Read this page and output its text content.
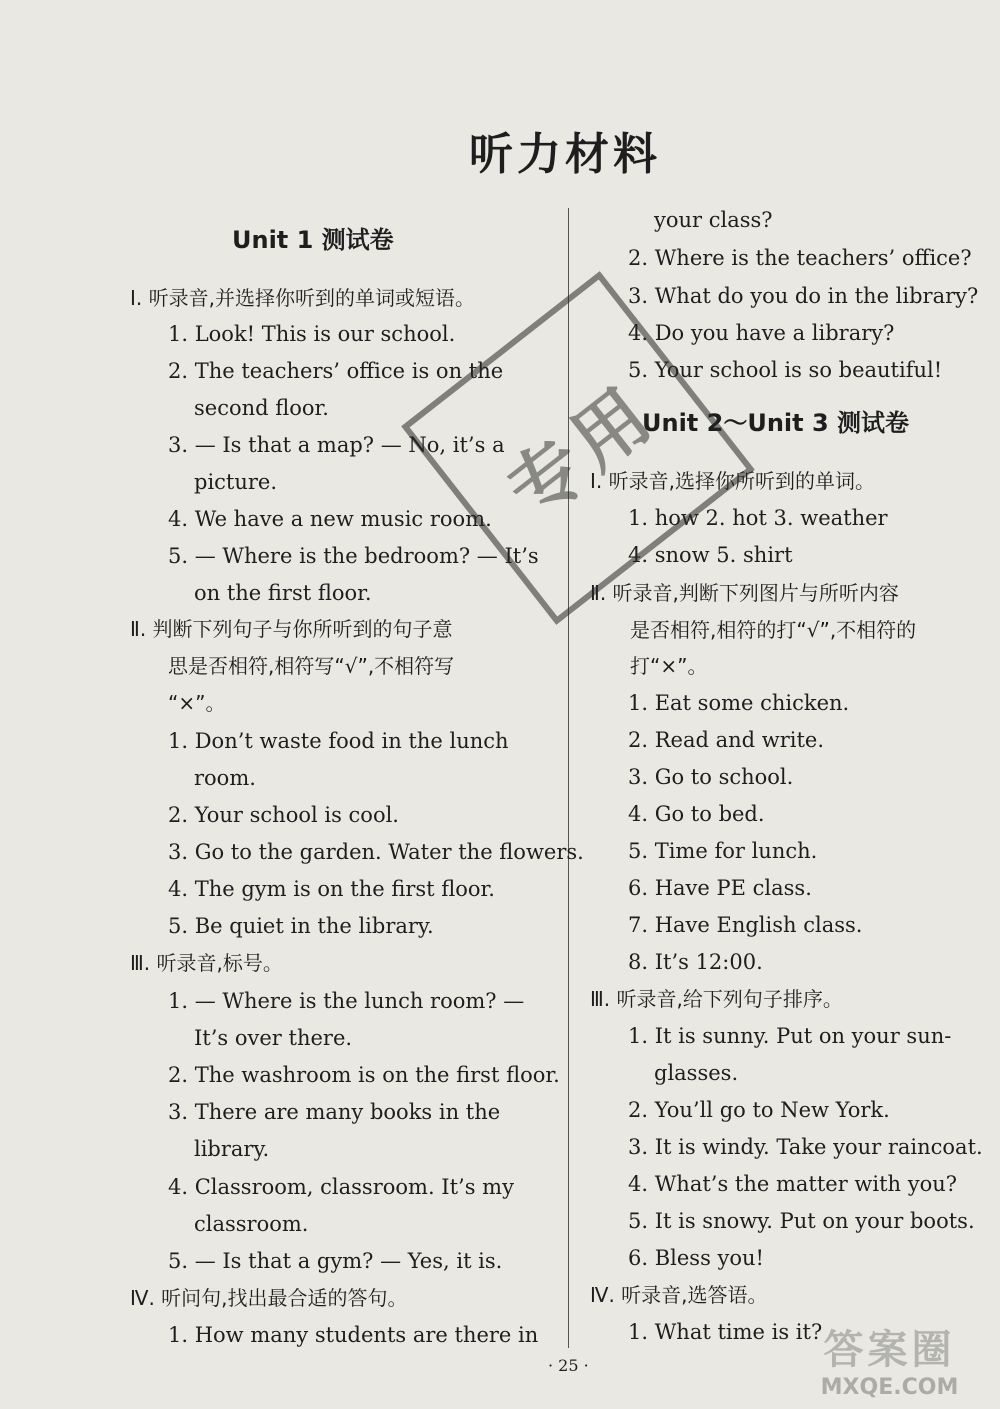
听力材料
Unit 1 测试卷
Ⅰ. 听录音,并选择你听到的单词或短语。
1. Look! This is our school.
2. The teachers’ office is on the
second floor.
3. — Is that a map? — No, it’s a
picture.
4. We have a new music room.
5. — Where is the bedroom? — It’s
on the first floor.
Ⅱ. 判断下列句子与你所听到的句子意
思是否相符,相符写“√”,不相符写
“×”。
1. Don’t waste food in the lunch
room.
2. Your school is cool.
3. Go to the garden. Water the flowers.
4. The gym is on the first floor.
5. Be quiet in the library.
Ⅲ. 听录音,标号。
1. — Where is the lunch room? —
It’s over there.
2. The washroom is on the first floor.
3. There are many books in the
library.
4. Classroom, classroom. It’s my
classroom.
5. — Is that a gym? — Yes, it is.
Ⅳ. 听问句,找出最合适的答句。
1. How many students are there in
your class?
2. Where is the teachers’ office?
3. What do you do in the library?
4. Do you have a library?
5. Your school is so beautiful!
Unit 2～Unit 3 测试卷
Ⅰ. 听录音,选择你所听到的单词。
1. how 2. hot 3. weather
4. snow 5. shirt
Ⅱ. 听录音,判断下列图片与所听内容
是否相符,相符的打“√”,不相符的
打“×”。
1. Eat some chicken.
2. Read and write.
3. Go to school.
4. Go to bed.
5. Time for lunch.
6. Have PE class.
7. Have English class.
8. It’s 12:00.
Ⅲ. 听录音,给下列句子排序。
1. It is sunny. Put on your sun-
glasses.
2. You’ll go to New York.
3. It is windy. Take your raincoat.
4. What’s the matter with you?
5. It is snowy. Put on your boots.
6. Bless you!
Ⅳ. 听录音,选答语。
1. What time is it?
· 25 ·
专用
答案圈
MXQE.COM
